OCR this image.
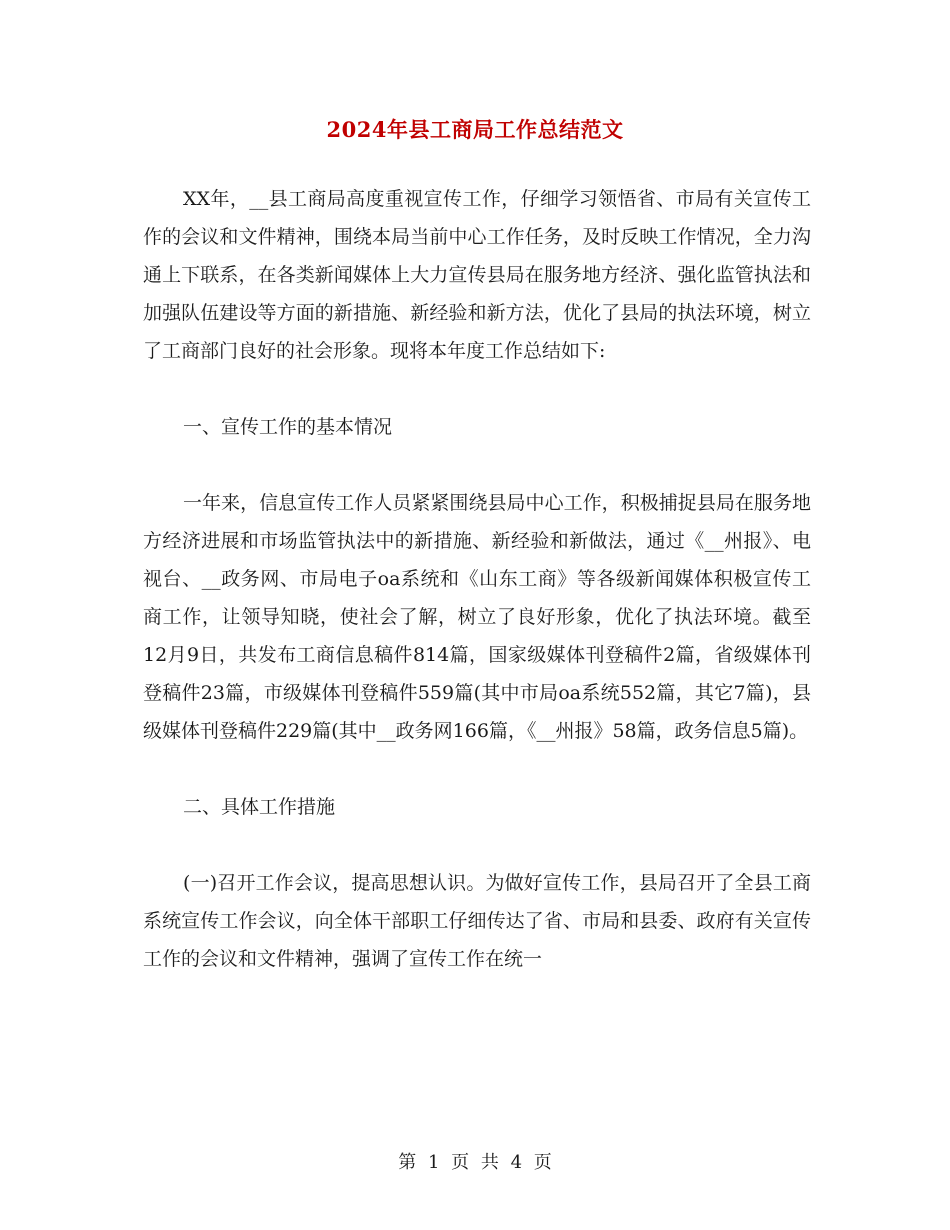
2024年县工商局工作总结范文

XX年，__县工商局高度重视宣传工作，仔细学习领悟省、市局有关宣传工作的会议和文件精神，围绕本局当前中心工作任务，及时反映工作情况，全力沟通上下联系，在各类新闻媒体上大力宣传县局在服务地方经济、强化监管执法和加强队伍建设等方面的新措施、新经验和新方法，优化了县局的执法环境，树立了工商部门良好的社会形象。现将本年度工作总结如下:

一、宣传工作的基本情况

一年来，信息宣传工作人员紧紧围绕县局中心工作，积极捕捉县局在服务地方经济进展和市场监管执法中的新措施、新经验和新做法，通过《__州报》、电视台、__政务网、市局电子oa系统和《山东工商》等各级新闻媒体积极宣传工商工作，让领导知晓，使社会了解，树立了良好形象，优化了执法环境。截至12月9日，共发布工商信息稿件814篇，国家级媒体刊登稿件2篇，省级媒体刊登稿件23篇，市级媒体刊登稿件559篇(其中市局oa系统552篇，其它7篇)，县级媒体刊登稿件229篇(其中__政务网166篇，《__州报》58篇，政务信息5篇)。

二、具体工作措施

(一)召开工作会议，提高思想认识。为做好宣传工作，县局召开了全县工商系统宣传工作会议，向全体干部职工仔细传达了省、市局和县委、政府有关宣传工作的会议和文件精神，强调了宣传工作在统一

第 1 页 共 4 页
